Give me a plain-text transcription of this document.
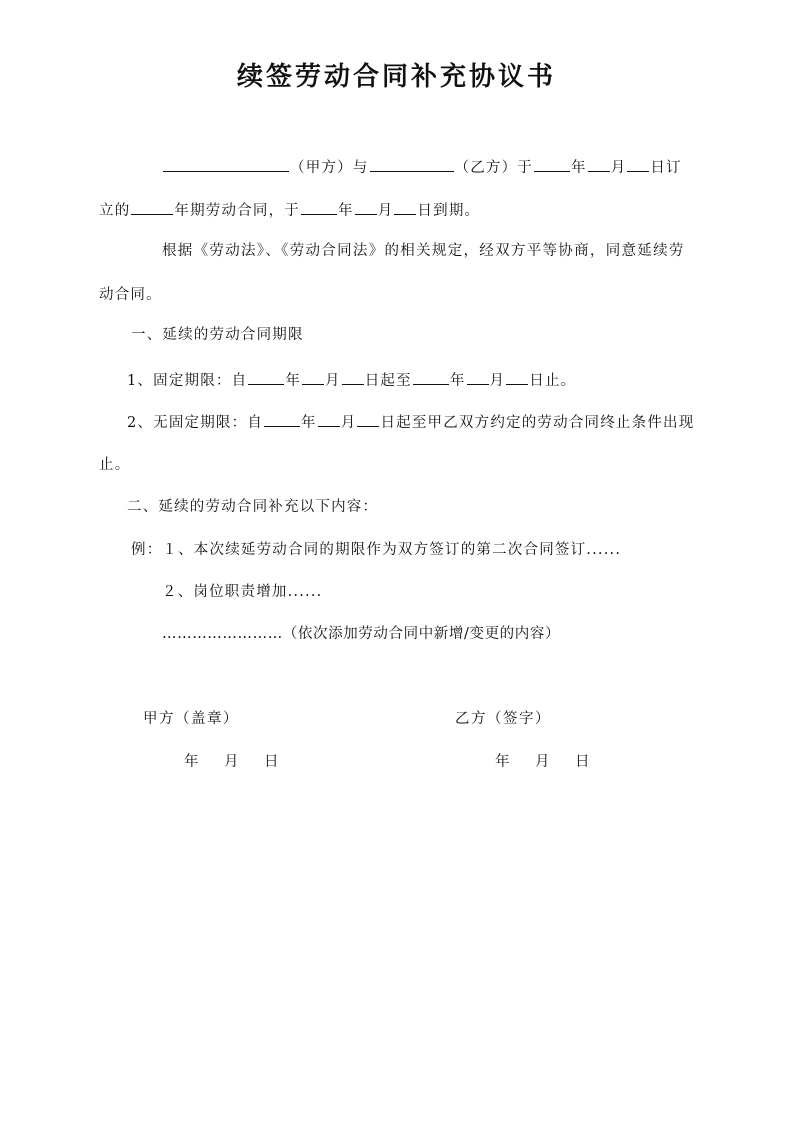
续签劳动合同补充协议书
（甲方）与	（乙方）于	年 月 日订
立的	年期劳动合同，于	年 月 日到期。
根据《劳动法》、《劳动合同法》的相关规定，经双方平等协商，同意延续劳
动合同。
一、延续的劳动合同期限
1、固定期限：自	年 月 日起至	年 月 日止。
2、无固定期限：自	年 月 日起至甲乙双方约定的劳动合同终止条件出现
止。
二、延续的劳动合同补充以下内容：
例：１、本次续延劳动合同的期限作为双方签订的第二次合同签订......
２、岗位职责增加......
……………………（依次添加劳动合同中新增/变更的内容）
甲方（盖章）	乙方（签字）
年 月 日	年 月 日
